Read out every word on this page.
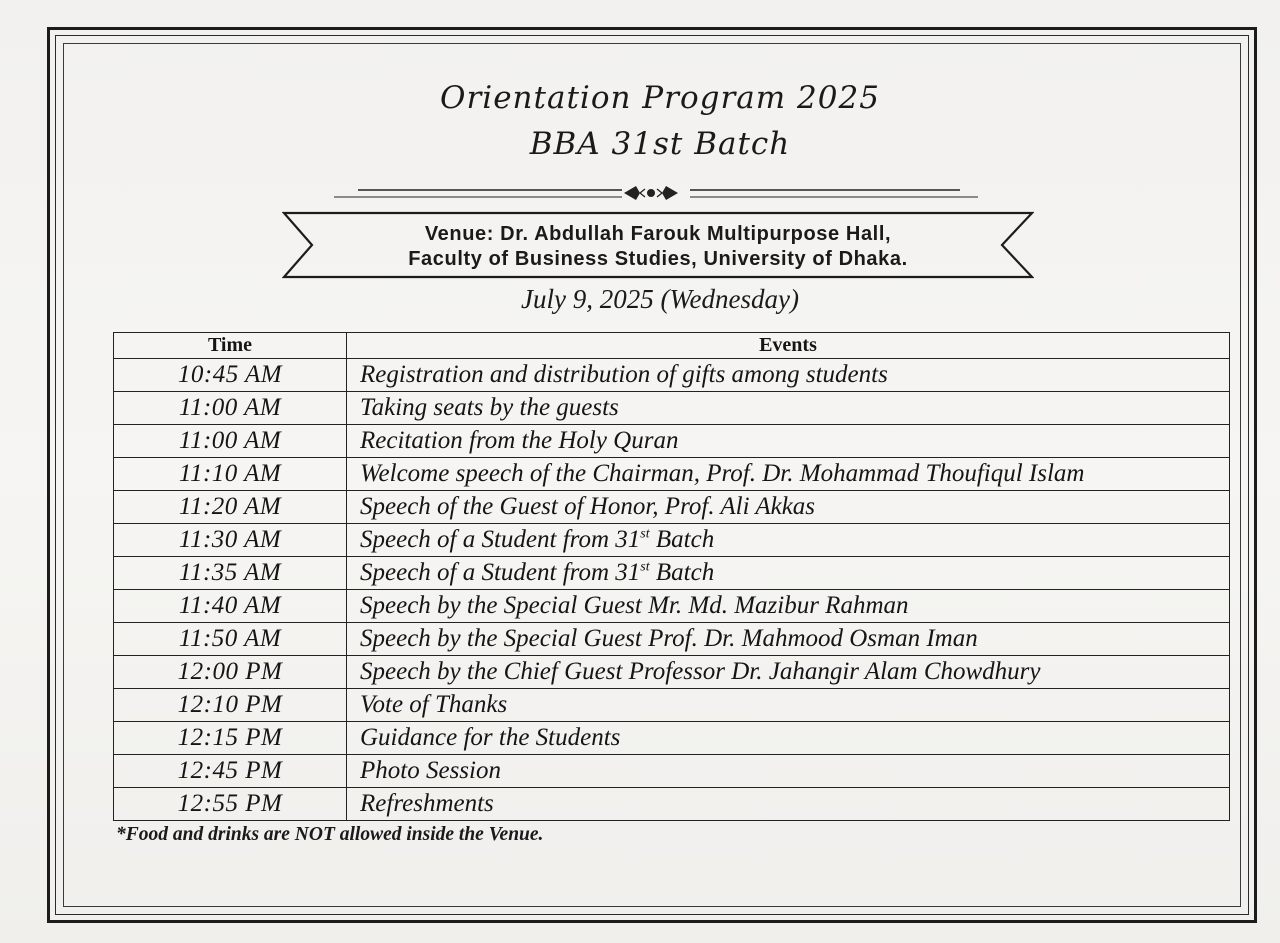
Orientation Program 2025
BBA 31st Batch
Venue: Dr. Abdullah Farouk Multipurpose Hall,
Faculty of Business Studies, University of Dhaka.
July 9, 2025 (Wednesday)
Time	Events
10:45 AM	Registration and distribution of gifts among students
11:00 AM	Taking seats by the guests
11:00 AM	Recitation from the Holy Quran
11:10 AM	Welcome speech of the Chairman, Prof. Dr. Mohammad Thoufiqul Islam
11:20 AM	Speech of the Guest of Honor, Prof. Ali Akkas
11:30 AM	Speech of a Student from 31st Batch
11:35 AM	Speech of a Student from 31st Batch
11:40 AM	Speech by the Special Guest Mr. Md. Mazibur Rahman
11:50 AM	Speech by the Special Guest Prof. Dr. Mahmood Osman Iman
12:00 PM	Speech by the Chief Guest Professor Dr. Jahangir Alam Chowdhury
12:10 PM	Vote of Thanks
12:15 PM	Guidance for the Students
12:45 PM	Photo Session
12:55 PM	Refreshments
*Food and drinks are NOT allowed inside the Venue.
